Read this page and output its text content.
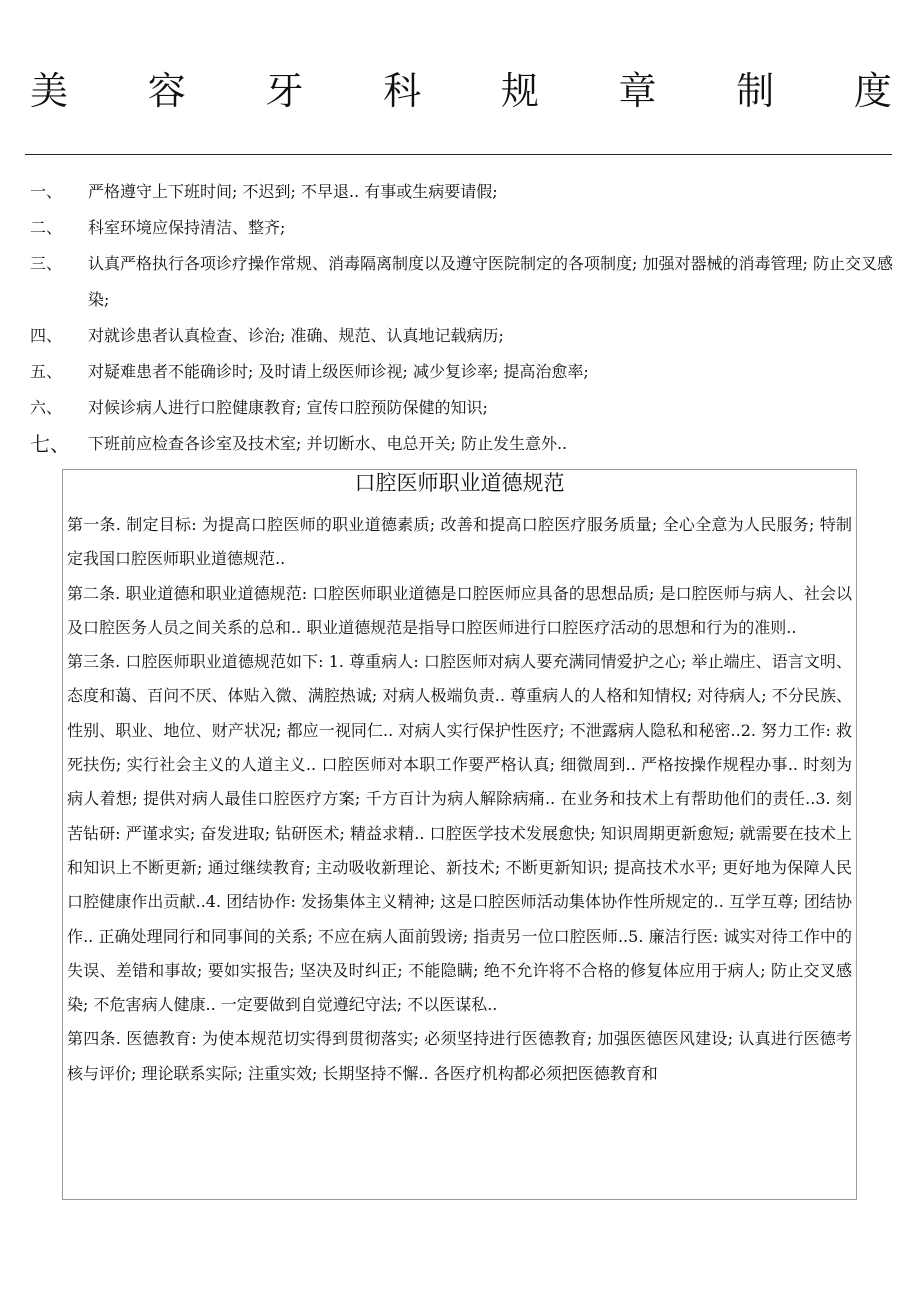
美 容 牙 科 规 章 制 度
一、	严格遵守上下班时间; 不迟到; 不早退.. 有事或生病要请假;
二、	科室环境应保持清洁、整齐;
三、	认真严格执行各项诊疗操作常规、消毒隔离制度以及遵守医院制定的各项制度; 加强对器械的消毒管理; 防止交叉感染;
四、	对就诊患者认真检查、诊治; 准确、规范、认真地记载病历;
五、	对疑难患者不能确诊时; 及时请上级医师诊视; 减少复诊率; 提高治愈率;
六、	对候诊病人进行口腔健康教育; 宣传口腔预防保健的知识;
七、	下班前应检查各诊室及技术室; 并切断水、电总开关; 防止发生意外..
口腔医师职业道德规范

第一条. 制定目标: 为提高口腔医师的职业道德素质; 改善和提高口腔医疗服务质量; 全心全意为人民服务; 特制定我国口腔医师职业道德规范..

第二条. 职业道德和职业道德规范: 口腔医师职业道德是口腔医师应具备的思想品质; 是口腔医师与病人、社会以及口腔医务人员之间关系的总和.. 职业道德规范是指导口腔医师进行口腔医疗活动的思想和行为的准则..

第三条. 口腔医师职业道德规范如下: 1. 尊重病人: 口腔医师对病人要充满同情爱护之心; 举止端庄、语言文明、态度和蔼、百问不厌、体贴入微、满腔热诚; 对病人极端负责.. 尊重病人的人格和知情权; 对待病人; 不分民族、性别、职业、地位、财产状况; 都应一视同仁.. 对病人实行保护性医疗; 不泄露病人隐私和秘密..2. 努力工作: 救死扶伤; 实行社会主义的人道主义.. 口腔医师对本职工作要严格认真; 细微周到.. 严格按操作规程办事.. 时刻为病人着想; 提供对病人最佳口腔医疗方案; 千方百计为病人解除病痛.. 在业务和技术上有帮助他们的责任..3. 刻苦钻研: 严谨求实; 奋发进取; 钻研医术; 精益求精.. 口腔医学技术发展愈快; 知识周期更新愈短; 就需要在技术上和知识上不断更新; 通过继续教育; 主动吸收新理论、新技术; 不断更新知识; 提高技术水平; 更好地为保障人民口腔健康作出贡献..4. 团结协作: 发扬集体主义精神; 这是口腔医师活动集体协作性所规定的.. 互学互尊; 团结协作.. 正确处理同行和同事间的关系; 不应在病人面前毁谤; 指责另一位口腔医师..5. 廉洁行医: 诚实对待工作中的失误、差错和事故; 要如实报告; 坚决及时纠正; 不能隐瞒; 绝不允许将不合格的修复体应用于病人; 防止交叉感染; 不危害病人健康.. 一定要做到自觉遵纪守法; 不以医谋私..

第四条. 医德教育: 为使本规范切实得到贯彻落实; 必须坚持进行医德教育; 加强医德医风建设; 认真进行医德考核与评价; 理论联系实际; 注重实效; 长期坚持不懈.. 各医疗机构都必须把医德教育和
